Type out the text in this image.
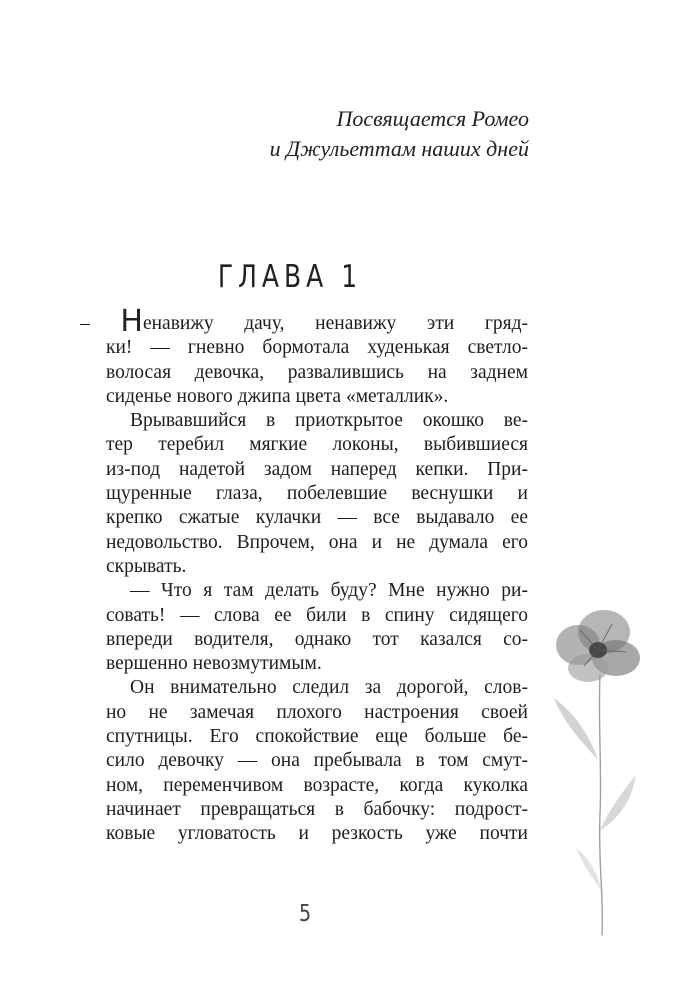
Посвящается Ромео
и Джульеттам наших дней
ГЛАВА 1
– Ненавижу дачу, ненавижу эти гряд-
ки! — гневно бормотала худенькая светло-
волосая девочка, развалившись на заднем
сиденье нового джипа цвета «металлик».
Врывавшийся в приоткрытое окошко ве-
тер теребил мягкие локоны, выбившиеся
из-под надетой задом наперед кепки. При-
щуренные глаза, побелевшие веснушки и
крепко сжатые кулачки — все выдавало ее
недовольство. Впрочем, она и не думала его
скрывать.
— Что я там делать буду? Мне нужно ри-
совать! — слова ее били в спину сидящего
впереди водителя, однако тот казался со-
вершенно невозмутимым.
Он внимательно следил за дорогой, слов-
но не замечая плохого настроения своей
спутницы. Его спокойствие еще больше бе-
сило девочку — она пребывала в том смут-
ном, переменчивом возрасте, когда куколка
начинает превращаться в бабочку: подрост-
ковые угловатость и резкость уже почти
5
